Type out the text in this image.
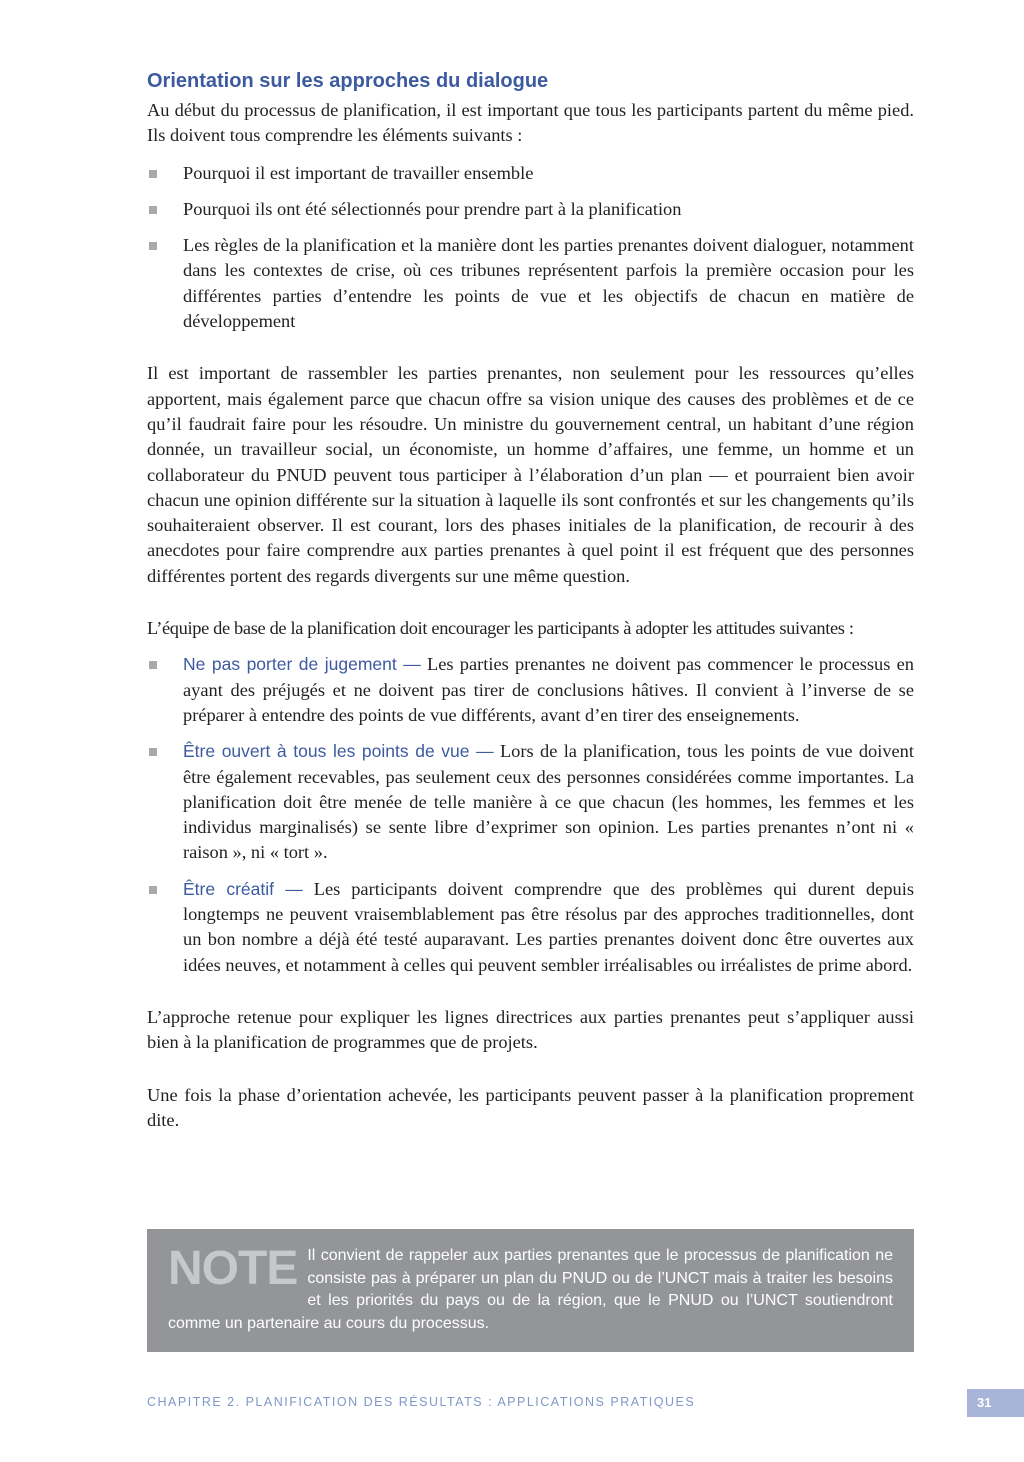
Orientation sur les approches du dialogue

Au début du processus de planification, il est important que tous les participants partent du même pied. Ils doivent tous comprendre les éléments suivants :

Pourquoi il est important de travailler ensemble
Pourquoi ils ont été sélectionnés pour prendre part à la planification
Les règles de la planification et la manière dont les parties prenantes doivent dialoguer, notamment dans les contextes de crise, où ces tribunes représentent parfois la première occasion pour les différentes parties d’entendre les points de vue et les objectifs de chacun en matière de développement

Il est important de rassembler les parties prenantes, non seulement pour les ressources qu’elles apportent, mais également parce que chacun offre sa vision unique des causes des problèmes et de ce qu’il faudrait faire pour les résoudre. Un ministre du gouvernement central, un habitant d’une région donnée, un travailleur social, un économiste, un homme d’affaires, une femme, un homme et un collaborateur du PNUD peuvent tous participer à l’élaboration d’un plan — et pourraient bien avoir chacun une opinion différente sur la situation à laquelle ils sont confrontés et sur les changements qu’ils souhaiteraient observer. Il est courant, lors des phases initiales de la planification, de recourir à des anecdotes pour faire comprendre aux parties prenantes à quel point il est fréquent que des personnes différentes portent des regards divergents sur une même question.

L’équipe de base de la planification doit encourager les participants à adopter les attitudes suivantes :

Ne pas porter de jugement — Les parties prenantes ne doivent pas commencer le processus en ayant des préjugés et ne doivent pas tirer de conclusions hâtives. Il convient à l’inverse de se préparer à entendre des points de vue différents, avant d’en tirer des enseignements.
Être ouvert à tous les points de vue — Lors de la planification, tous les points de vue doivent être également recevables, pas seulement ceux des personnes considérées comme importantes. La planification doit être menée de telle manière à ce que chacun (les hommes, les femmes et les individus marginalisés) se sente libre d’exprimer son opinion. Les parties prenantes n’ont ni « raison », ni « tort ».
Être créatif — Les participants doivent comprendre que des problèmes qui durent depuis longtemps ne peuvent vraisemblablement pas être résolus par des approches traditionnelles, dont un bon nombre a déjà été testé auparavant. Les parties prenantes doivent donc être ouvertes aux idées neuves, et notamment à celles qui peuvent sembler irréalisables ou irréalistes de prime abord.

L’approche retenue pour expliquer les lignes directrices aux parties prenantes peut s’appliquer aussi bien à la planification de programmes que de projets.

Une fois la phase d’orientation achevée, les participants peuvent passer à la planification proprement dite.

NOTE Il convient de rappeler aux parties prenantes que le processus de planification ne consiste pas à préparer un plan du PNUD ou de l’UNCT mais à traiter les besoins et les priorités du pays ou de la région, que le PNUD ou l’UNCT soutiendront comme un partenaire au cours du processus.
CHAPITRE 2. PLANIFICATION DES RÉSULTATS : APPLICATIONS PRATIQUES	31
